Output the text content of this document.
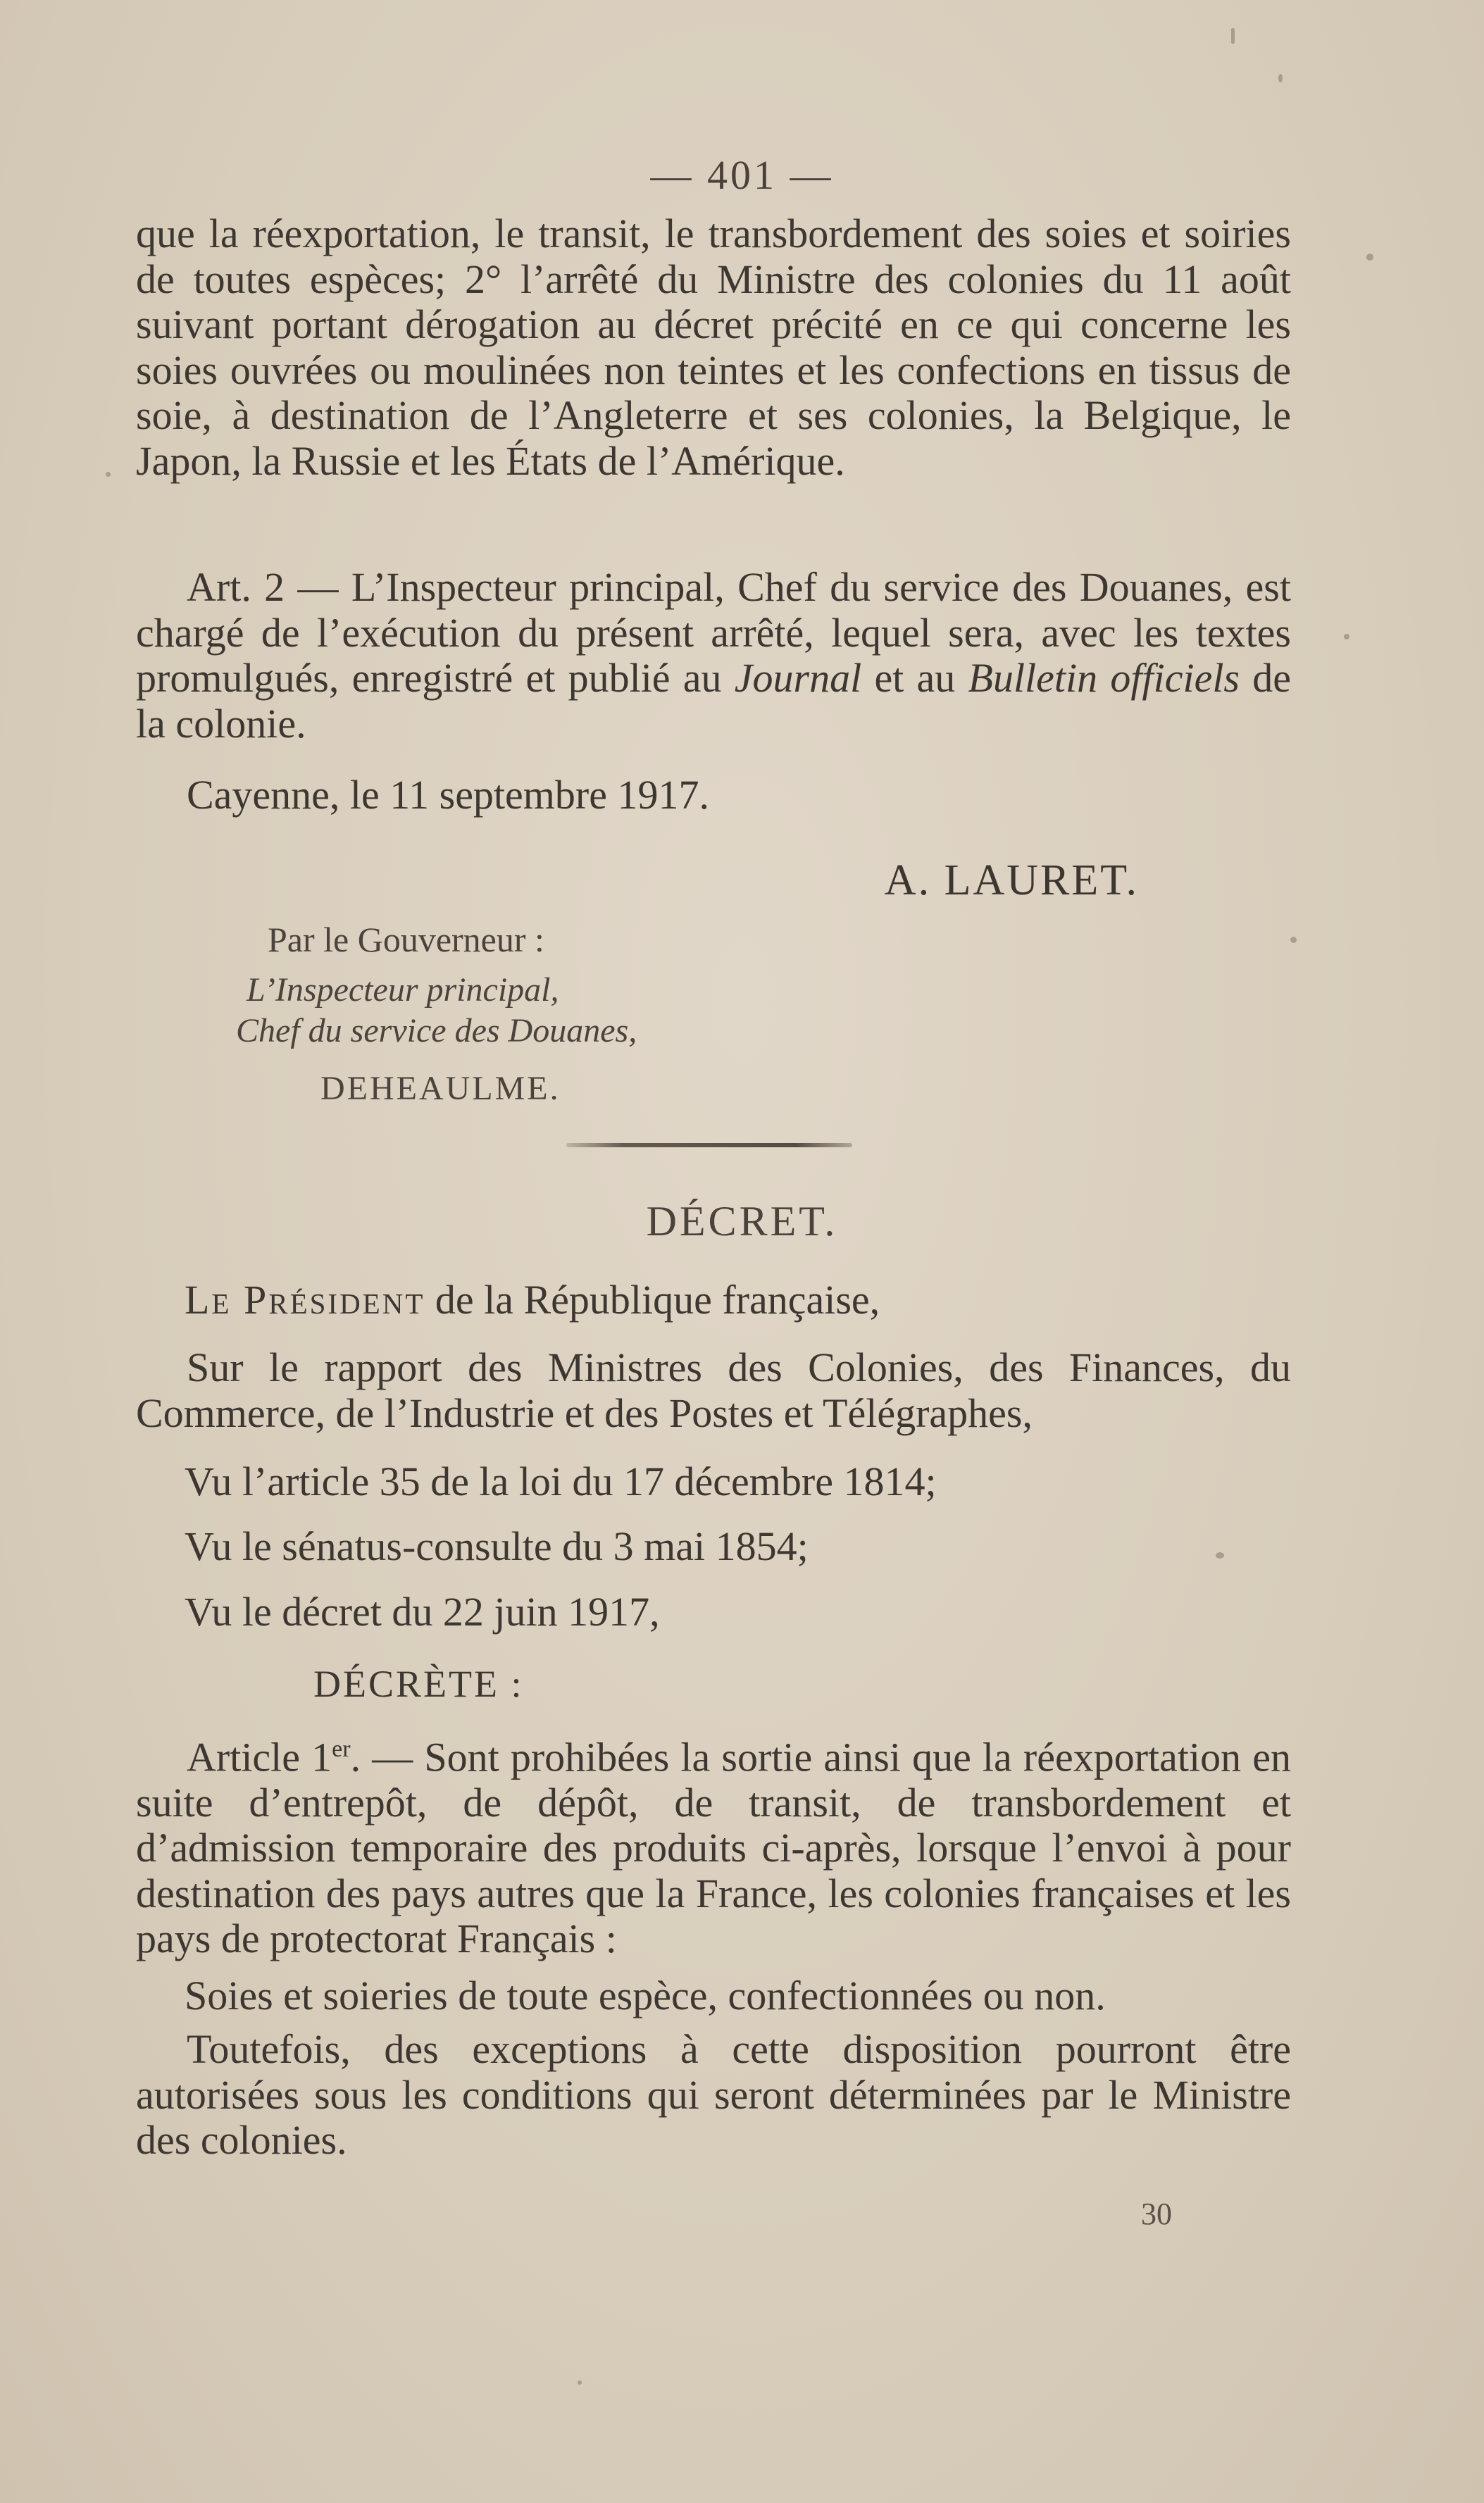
— 401 —

que la réexportation, le transit, le transbordement des soies et soiries de toutes espèces; 2° l’arrêté du Ministre des colonies du 11 août suivant portant dérogation au décret précité en ce qui concerne les soies ouvrées ou moulinées non teintes et les confections en tissus de soie, à destination de l’Angleterre et ses colonies, la Belgique, le Japon, la Russie et les États de l’Amérique.

Art. 2 — L’Inspecteur principal, Chef du service des Douanes, est chargé de l’exécution du présent arrêté, lequel sera, avec les textes promulgués, enregistré et publié au Journal et au Bulletin officiels de la colonie.

Cayenne, le 11 septembre 1917.
A. LAURET.
Par le Gouverneur :
L’Inspecteur principal,
Chef du service des Douanes,
DEHEAULME.
DÉCRET.
Le Président de la République française,

Sur le rapport des Ministres des Colonies, des Finances, du Commerce, de l’Industrie et des Postes et Télégraphes,

Vu l’article 35 de la loi du 17 décembre 1814;
Vu le sénatus-consulte du 3 mai 1854;
Vu le décret du 22 juin 1917,
DÉCRÈTE :

Article 1er. — Sont prohibées la sortie ainsi que la réexportation en suite d’entrepôt, de dépôt, de transit, de transbordement et d’admission temporaire des produits ci-après, lorsque l’envoi à pour destination des pays autres que la France, les colonies françaises et les pays de protectorat Français :

Soies et soieries de toute espèce, confectionnées ou non.

Toutefois, des exceptions à cette disposition pourront être autorisées sous les conditions qui seront déterminées par le Ministre des colonies.

30
